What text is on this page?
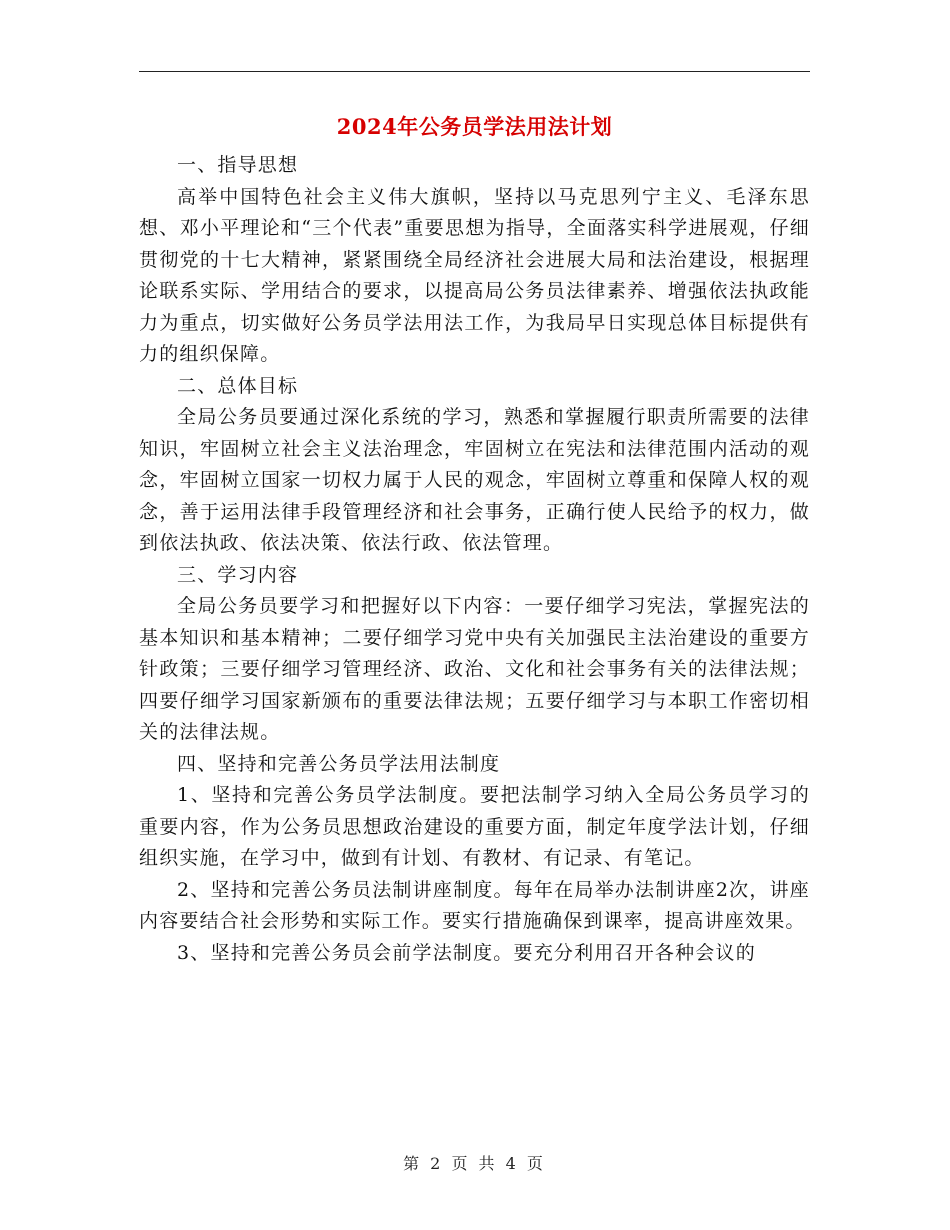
2024年公务员学法用法计划

一、指导思想

高举中国特色社会主义伟大旗帜，坚持以马克思列宁主义、毛泽东思想、邓小平理论和“三个代表”重要思想为指导，全面落实科学进展观，仔细贯彻党的十七大精神，紧紧围绕全局经济社会进展大局和法治建设，根据理论联系实际、学用结合的要求，以提高局公务员法律素养、增强依法执政能力为重点，切实做好公务员学法用法工作，为我局早日实现总体目标提供有力的组织保障。

二、总体目标

全局公务员要通过深化系统的学习，熟悉和掌握履行职责所需要的法律知识，牢固树立社会主义法治理念，牢固树立在宪法和法律范围内活动的观念，牢固树立国家一切权力属于人民的观念，牢固树立尊重和保障人权的观念，善于运用法律手段管理经济和社会事务，正确行使人民给予的权力，做到依法执政、依法决策、依法行政、依法管理。

三、学习内容

全局公务员要学习和把握好以下内容：一要仔细学习宪法，掌握宪法的基本知识和基本精神；二要仔细学习党中央有关加强民主法治建设的重要方针政策；三要仔细学习管理经济、政治、文化和社会事务有关的法律法规；四要仔细学习国家新颁布的重要法律法规；五要仔细学习与本职工作密切相关的法律法规。

四、坚持和完善公务员学法用法制度

1、坚持和完善公务员学法制度。要把法制学习纳入全局公务员学习的重要内容，作为公务员思想政治建设的重要方面，制定年度学法计划，仔细组织实施，在学习中，做到有计划、有教材、有记录、有笔记。

2、坚持和完善公务员法制讲座制度。每年在局举办法制讲座2次，讲座内容要结合社会形势和实际工作。要实行措施确保到课率，提高讲座效果。

3、坚持和完善公务员会前学法制度。要充分利用召开各种会议的

第 2 页 共 4 页
